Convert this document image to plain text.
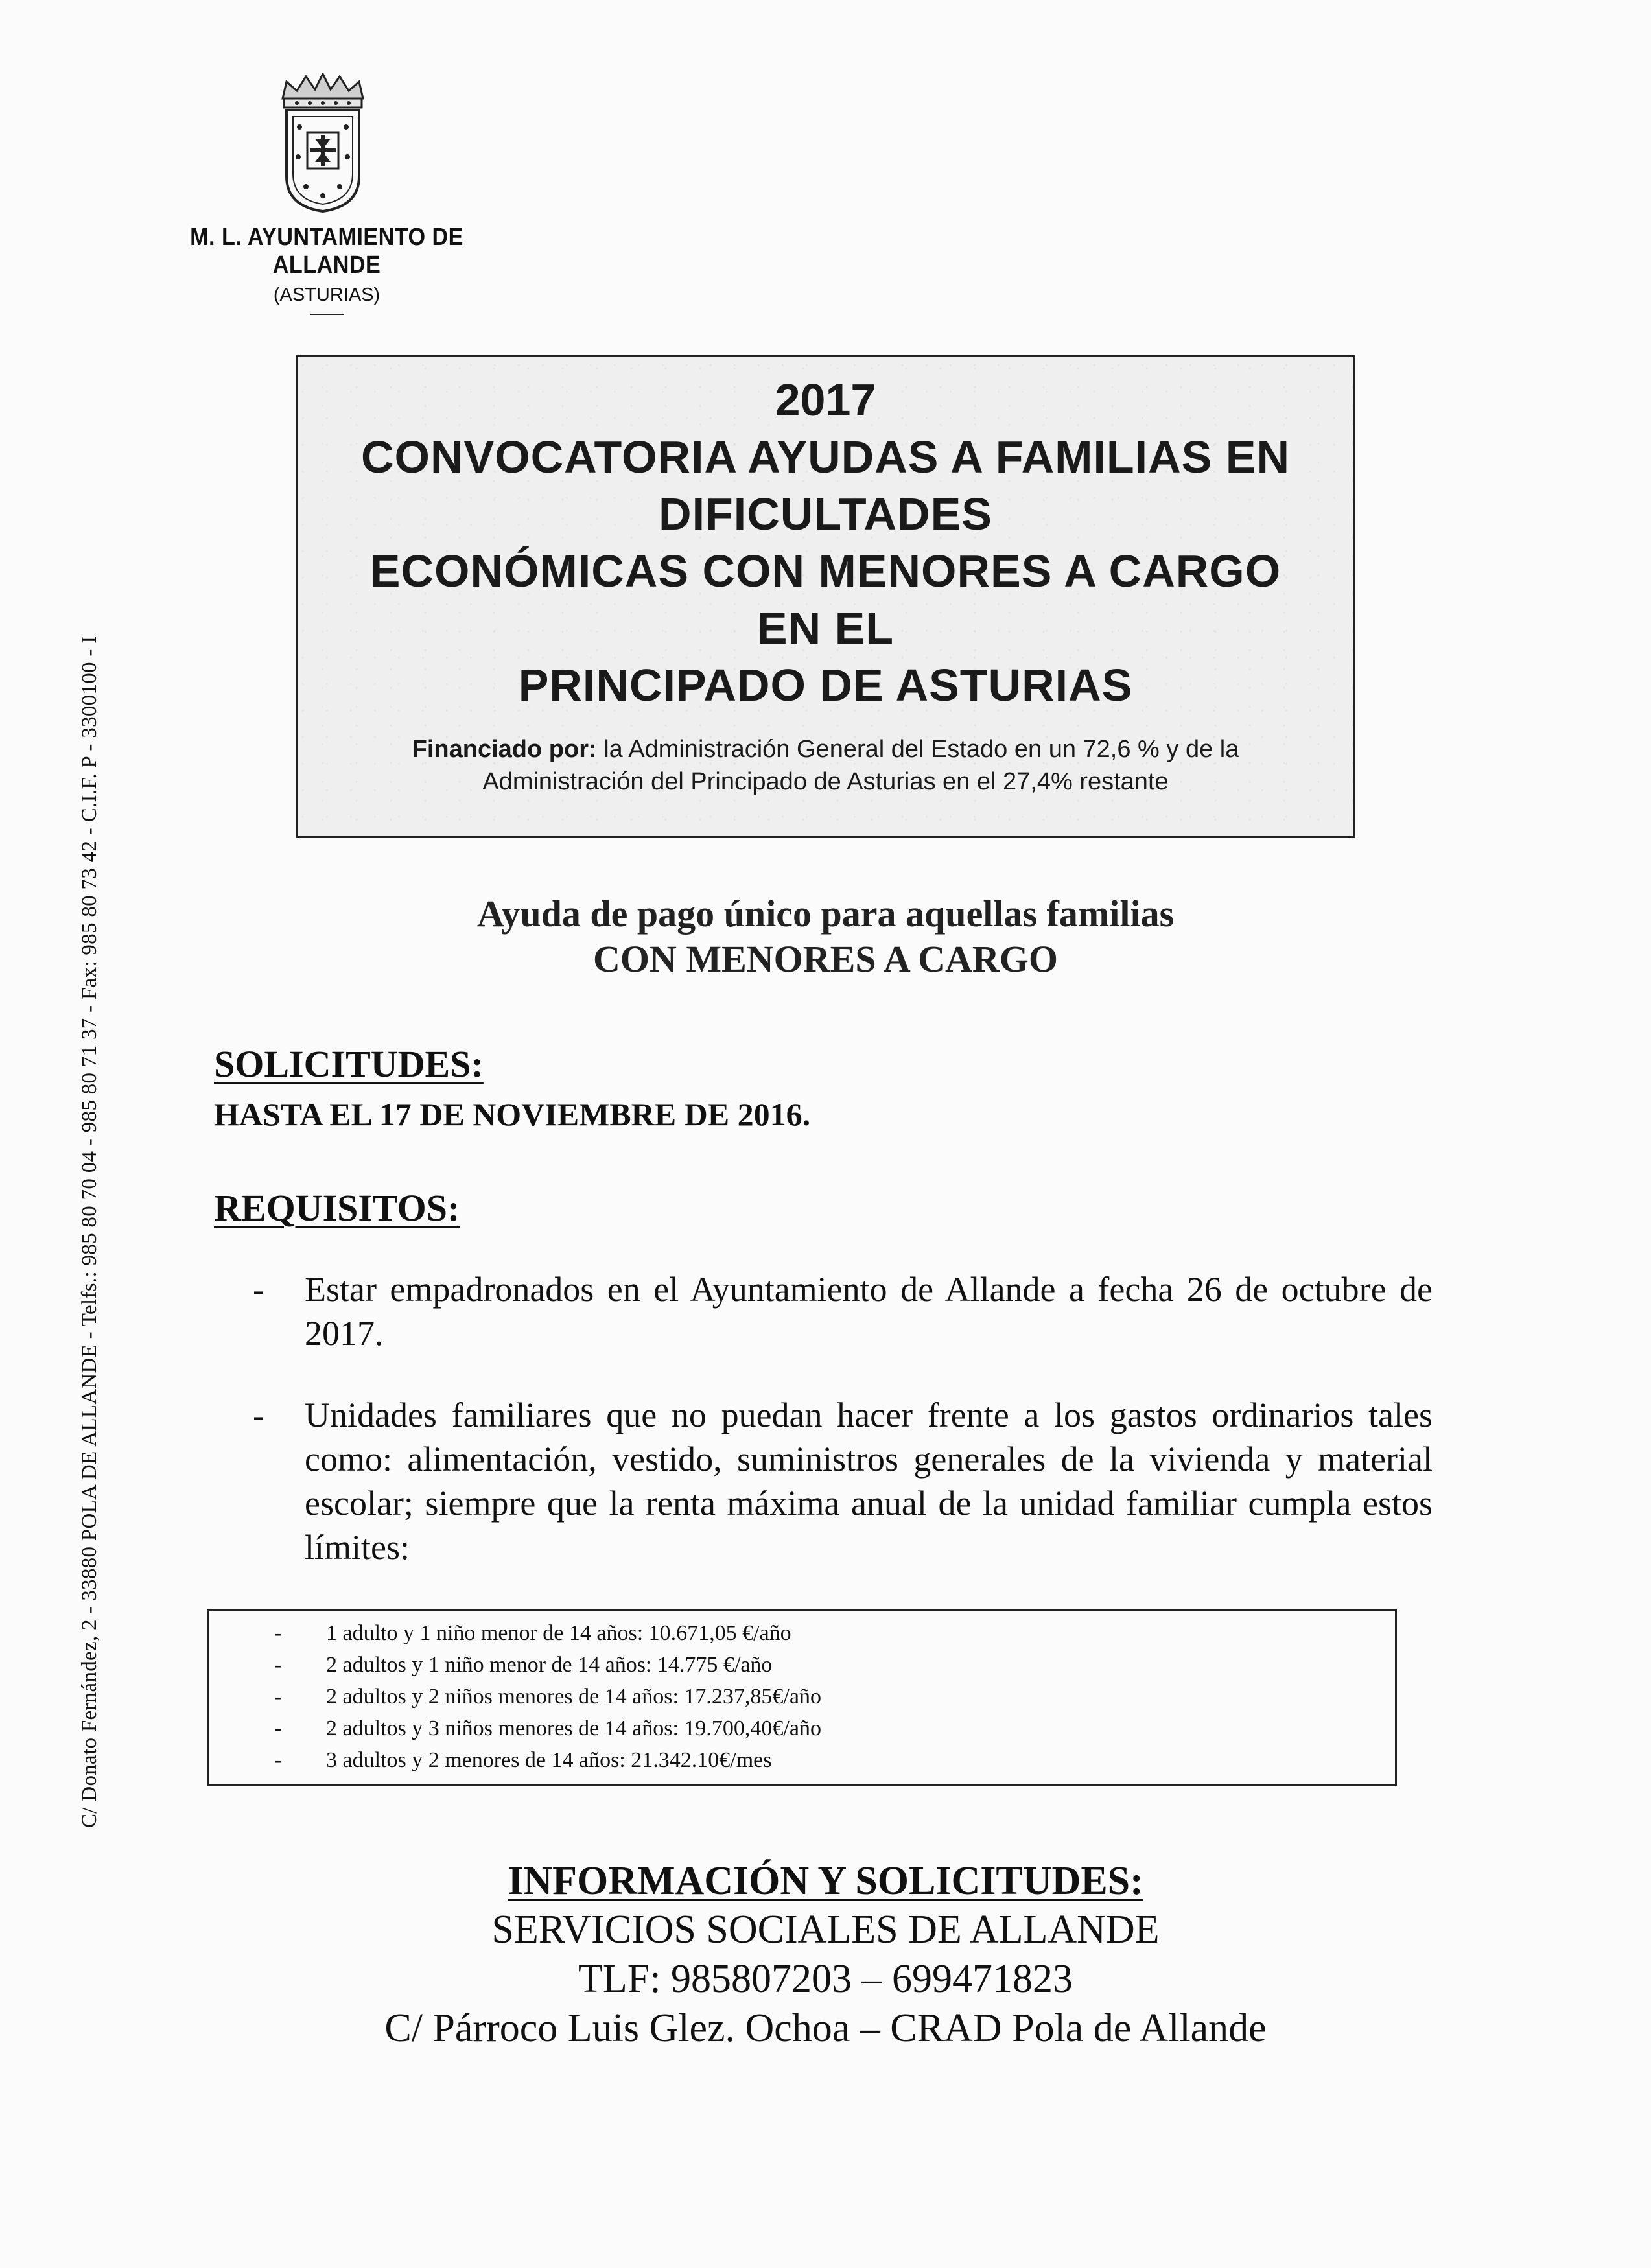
M. L. AYUNTAMIENTO DE ALLANDE
(ASTURIAS)
2017
CONVOCATORIA AYUDAS A FAMILIAS EN
DIFICULTADES
ECONÓMICAS CON MENORES A CARGO
EN EL
PRINCIPADO DE ASTURIAS
Financiado por: la Administración General del Estado en un 72,6 % y de la
Administración del Principado de Asturias en el 27,4% restante
Ayuda de pago único para aquellas familias
CON MENORES A CARGO
SOLICITUDES:
HASTA EL 17 DE NOVIEMBRE DE 2016.
REQUISITOS:
-	Estar empadronados en el Ayuntamiento de Allande a fecha 26 de octubre de 2017.
-	Unidades familiares que no puedan hacer frente a los gastos ordinarios tales como: alimentación, vestido, suministros generales de la vivienda y material escolar; siempre que la renta máxima anual de la unidad familiar cumpla estos límites:
-	1 adulto y 1 niño menor de 14 años: 10.671,05 €/año
-	2 adultos y 1 niño menor de 14 años: 14.775 €/año
-	2 adultos y 2 niños menores de 14 años: 17.237,85€/año
-	2 adultos y 3 niños menores de 14 años: 19.700,40€/año
-	3 adultos y 2 menores de 14 años: 21.342.10€/mes
INFORMACIÓN Y SOLICITUDES:
SERVICIOS SOCIALES DE ALLANDE
TLF: 985807203 – 699471823
C/ Párroco Luis Glez. Ochoa – CRAD Pola de Allande
C/ Donato Fernández, 2 - 33880 POLA DE ALLANDE - Telfs.: 985 80 70 04 - 985 80 71 37 - Fax: 985 80 73 42 - C.I.F. P - 3300100 - I
